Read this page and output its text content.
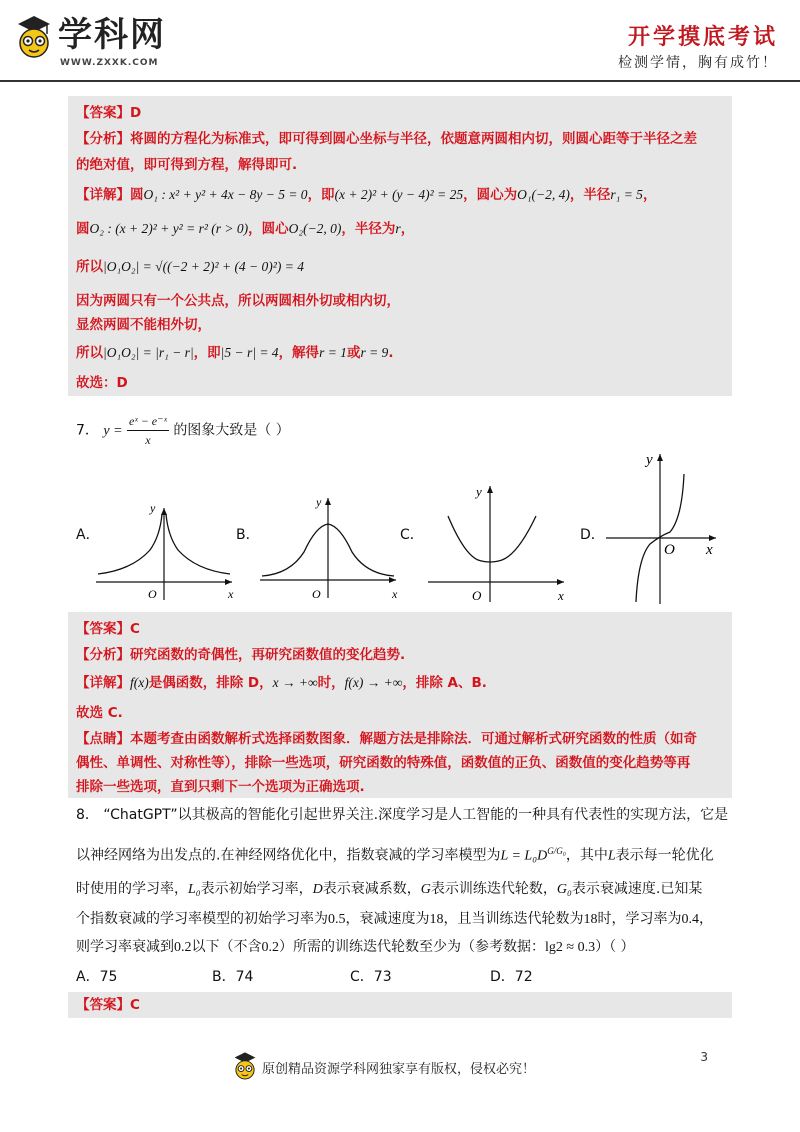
学科网
WWW.ZXXK.COM
开学摸底考试
检测学情，胸有成竹！
【答案】D
【分析】将圆的方程化为标准式，即可得到圆心坐标与半径，依题意两圆相内切，则圆心距等于半径之差
的绝对值，即可得到方程，解得即可.
【详解】圆O₁ : x² + y² + 4x − 8y − 5 = 0，即(x + 2)² + (y − 4)² = 25，圆心为O₁(−2, 4)，半径r₁ = 5，
圆O₂ : (x + 2)² + y² = r² (r > 0)，圆心O₂(−2, 0)，半径为r，
所以|O₁O₂| = √((−2 + 2)² + (4 − 0)²) = 4
因为两圆只有一个公共点，所以两圆相外切或相内切，
显然两圆不能相外切，
所以|O₁O₂| = |r₁ − r|，即|5 − r| = 4，解得r = 1或r = 9.
故选：D
7． $y = \frac{\text{eˣ − e⁻ˣ}}{x}$ 的图象大致是（ ）
A．	B．	C．	D．
y
x
O
y
x
O
y
x
O
y
x
O
【答案】C
【分析】研究函数的奇偶性，再研究函数值的变化趋势.
【详解】f(x)是偶函数，排除 D，x → +∞时，f(x) → +∞，排除 A、B.
故选 C.
【点睛】本题考查由函数解析式选择函数图象．解题方法是排除法．可通过解析式研究函数的性质（如奇
偶性、单调性、对称性等），排除一些选项，研究函数的特殊值，函数值的正负、函数值的变化趋势等再
排除一些选项，直到只剩下一个选项为正确选项.
8． “ChatGPT”以其极高的智能化引起世界关注.深度学习是人工智能的一种具有代表性的实现方法，它是
以神经网络为出发点的.在神经网络优化中，指数衰减的学习率模型为$L = L_0D^{G/G_0}$，其中L表示每一轮优化
时使用的学习率，L₀表示初始学习率，D表示衰减系数，G表示训练迭代轮数，G₀表示衰减速度.已知某
个指数衰减的学习率模型的初始学习率为0.5，衰减速度为18，且当训练迭代轮数为18时，学习率为0.4，
则学习率衰减到0.2以下（不含0.2）所需的训练迭代轮数至少为（参考数据：lg2 ≈ 0.3）（ ）
A．75	B．74	C．73	D．72
【答案】C
原创精品资源学科网独家享有版权，侵权必究！
3
